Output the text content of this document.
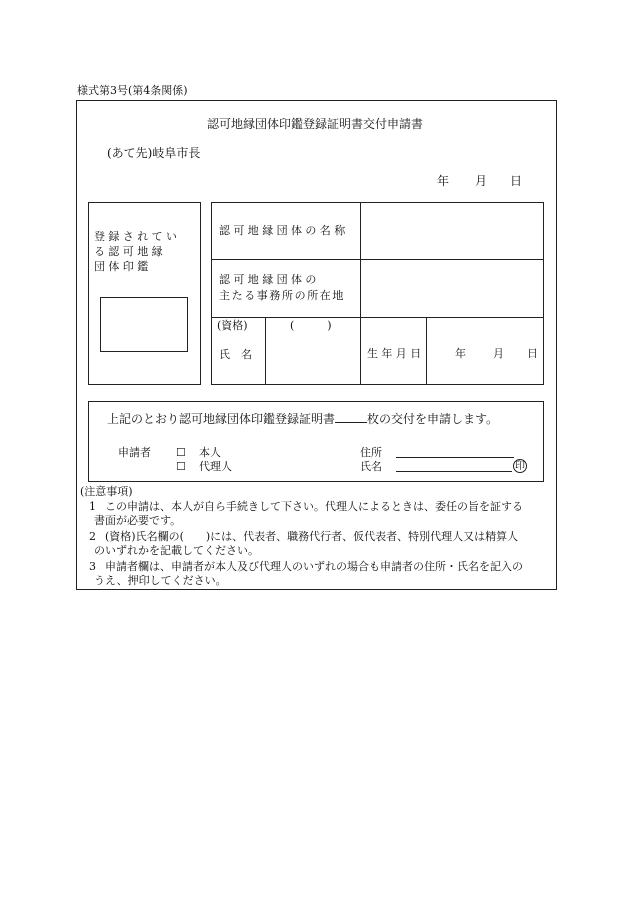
様式第3号(第4条関係)
認可地縁団体印鑑登録証明書交付申請書
(あて先)岐阜市長
年 月 日
登録されてい
る認可地縁
団体印鑑
認可地縁団体の名称
認可地縁団体の
主たる事務所の所在地
(資格)	(　　　)
氏　名	生年月日	年 月 日
上記のとおり認可地縁団体印鑑登録証明書	枚の交付を申請します。
申請者 ☐ 本人
☐ 代理人
住所
氏名	印
(注意事項)
1 この申請は、本人が自ら手続きして下さい。代理人によるときは、委任の旨を証する
書面が必要です。
2 (資格)氏名欄の(　　)には、代表者、職務代行者、仮代表者、特別代理人又は精算人
のいずれかを記載してください。
3 申請者欄は、申請者が本人及び代理人のいずれの場合も申請者の住所・氏名を記入の
うえ、押印してください。
